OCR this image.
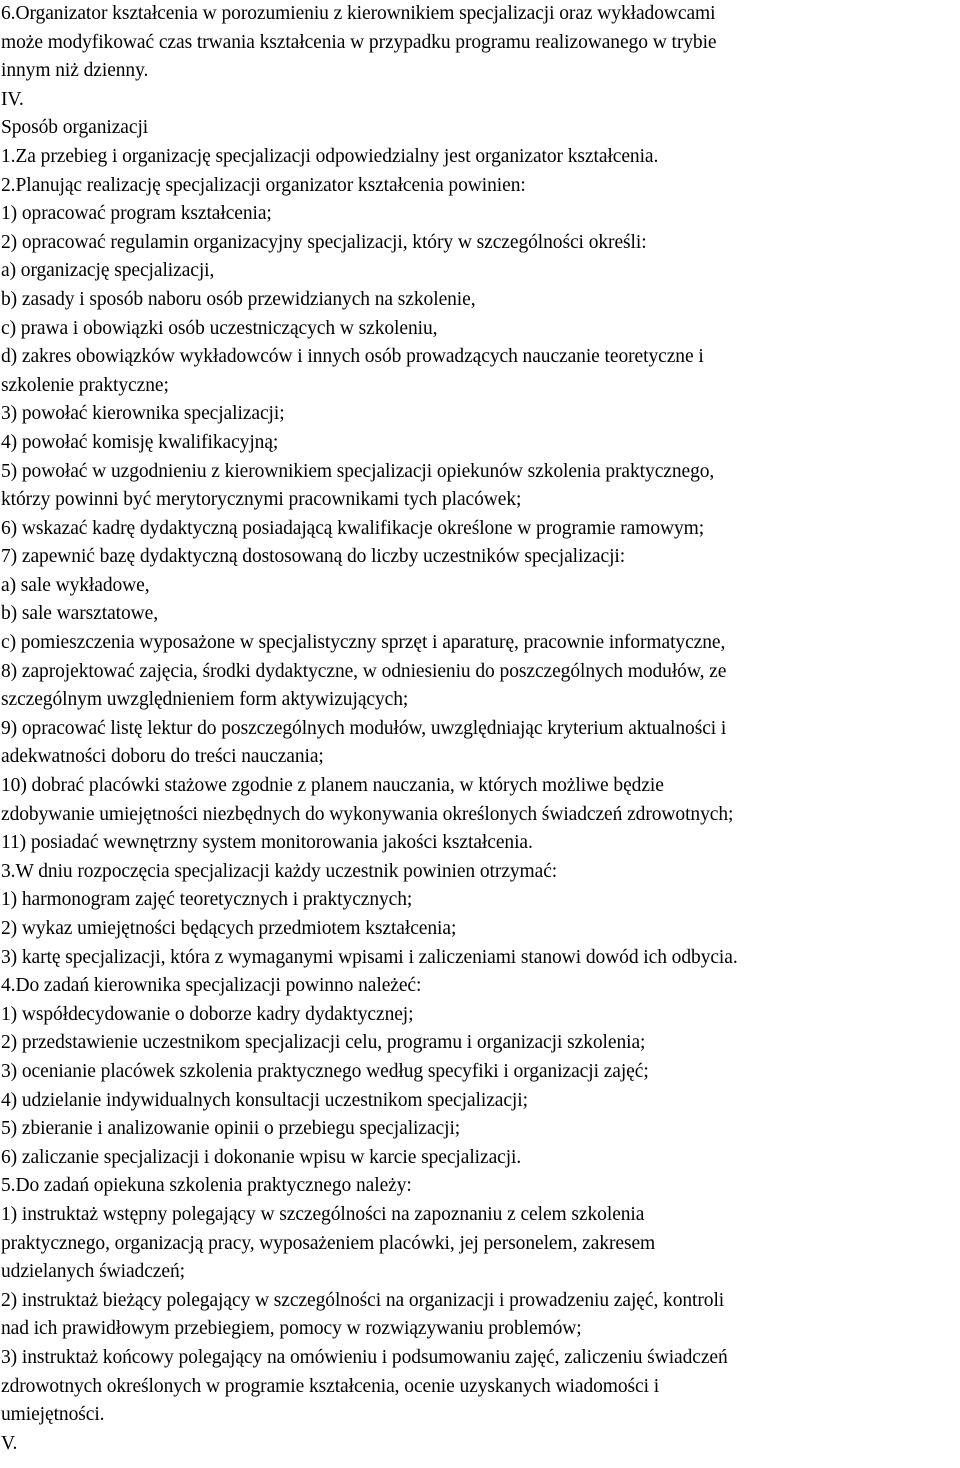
6.Organizator kształcenia w porozumieniu z kierownikiem specjalizacji oraz wykładowcami

może modyfikować czas trwania kształcenia w przypadku programu realizowanego w trybie

innym niż dzienny.

IV.

Sposób organizacji

1.Za przebieg i organizację specjalizacji odpowiedzialny jest organizator kształcenia.

2.Planując realizację specjalizacji organizator kształcenia powinien:

1) opracować program kształcenia;

2) opracować regulamin organizacyjny specjalizacji, który w szczególności określi:

a) organizację specjalizacji,

b) zasady i sposób naboru osób przewidzianych na szkolenie,

c) prawa i obowiązki osób uczestniczących w szkoleniu,

d) zakres obowiązków wykładowców i innych osób prowadzących nauczanie teoretyczne i

szkolenie praktyczne;

3) powołać kierownika specjalizacji;

4) powołać komisję kwalifikacyjną;

5) powołać w uzgodnieniu z kierownikiem specjalizacji opiekunów szkolenia praktycznego,

którzy powinni być merytorycznymi pracownikami tych placówek;

6) wskazać kadrę dydaktyczną posiadającą kwalifikacje określone w programie ramowym;

7) zapewnić bazę dydaktyczną dostosowaną do liczby uczestników specjalizacji:

a) sale wykładowe,

b) sale warsztatowe,

c) pomieszczenia wyposażone w specjalistyczny sprzęt i aparaturę, pracownie informatyczne,

8) zaprojektować zajęcia, środki dydaktyczne, w odniesieniu do poszczególnych modułów, ze

szczególnym uwzględnieniem form aktywizujących;

9) opracować listę lektur do poszczególnych modułów, uwzględniając kryterium aktualności i

adekwatności doboru do treści nauczania;

10) dobrać placówki stażowe zgodnie z planem nauczania, w których możliwe będzie

zdobywanie umiejętności niezbędnych do wykonywania określonych świadczeń zdrowotnych;

11) posiadać wewnętrzny system monitorowania jakości kształcenia.

3.W dniu rozpoczęcia specjalizacji każdy uczestnik powinien otrzymać:

1) harmonogram zajęć teoretycznych i praktycznych;

2) wykaz umiejętności będących przedmiotem kształcenia;

3) kartę specjalizacji, która z wymaganymi wpisami i zaliczeniami stanowi dowód ich odbycia.

4.Do zadań kierownika specjalizacji powinno należeć:

1) współdecydowanie o doborze kadry dydaktycznej;

2) przedstawienie uczestnikom specjalizacji celu, programu i organizacji szkolenia;

3) ocenianie placówek szkolenia praktycznego według specyfiki i organizacji zajęć;

4) udzielanie indywidualnych konsultacji uczestnikom specjalizacji;

5) zbieranie i analizowanie opinii o przebiegu specjalizacji;

6) zaliczanie specjalizacji i dokonanie wpisu w karcie specjalizacji.

5.Do zadań opiekuna szkolenia praktycznego należy:

1) instruktaż wstępny polegający w szczególności na zapoznaniu z celem szkolenia

praktycznego, organizacją pracy, wyposażeniem placówki, jej personelem, zakresem

udzielanych świadczeń;

2) instruktaż bieżący polegający w szczególności na organizacji i prowadzeniu zajęć, kontroli

nad ich prawidłowym przebiegiem, pomocy w rozwiązywaniu problemów;

3) instruktaż końcowy polegający na omówieniu i podsumowaniu zajęć, zaliczeniu świadczeń

zdrowotnych określonych w programie kształcenia, ocenie uzyskanych wiadomości i

umiejętności.

V.
